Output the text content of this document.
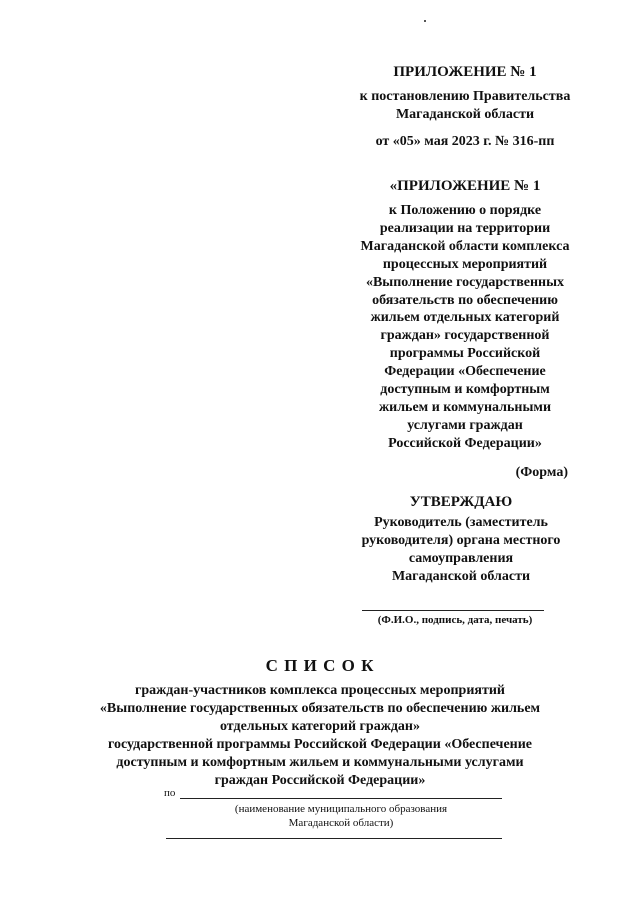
ПРИЛОЖЕНИЕ № 1
к постановлению Правительства
Магаданской области
от «05» мая 2023 г. № 316-пп
«ПРИЛОЖЕНИЕ № 1
к Положению о порядке
реализации на территории
Магаданской области комплекса
процессных мероприятий
«Выполнение государственных
обязательств по обеспечению
жильем отдельных категорий
граждан» государственной
программы Российской
Федерации «Обеспечение
доступным и комфортным
жильем и коммунальными
услугами граждан
Российской Федерации»
(Форма)
УТВЕРЖДАЮ
Руководитель (заместитель
руководителя) органа местного
самоуправления
Магаданской области
(Ф.И.О., подпись, дата, печать)
С П И С О К
граждан-участников комплекса процессных мероприятий
«Выполнение государственных обязательств по обеспечению жильем
отдельных категорий граждан»
государственной программы Российской Федерации «Обеспечение
доступным и комфортным жильем и коммунальными услугами
граждан Российской Федерации»
по
(наименование муниципального образования
Магаданской области)
